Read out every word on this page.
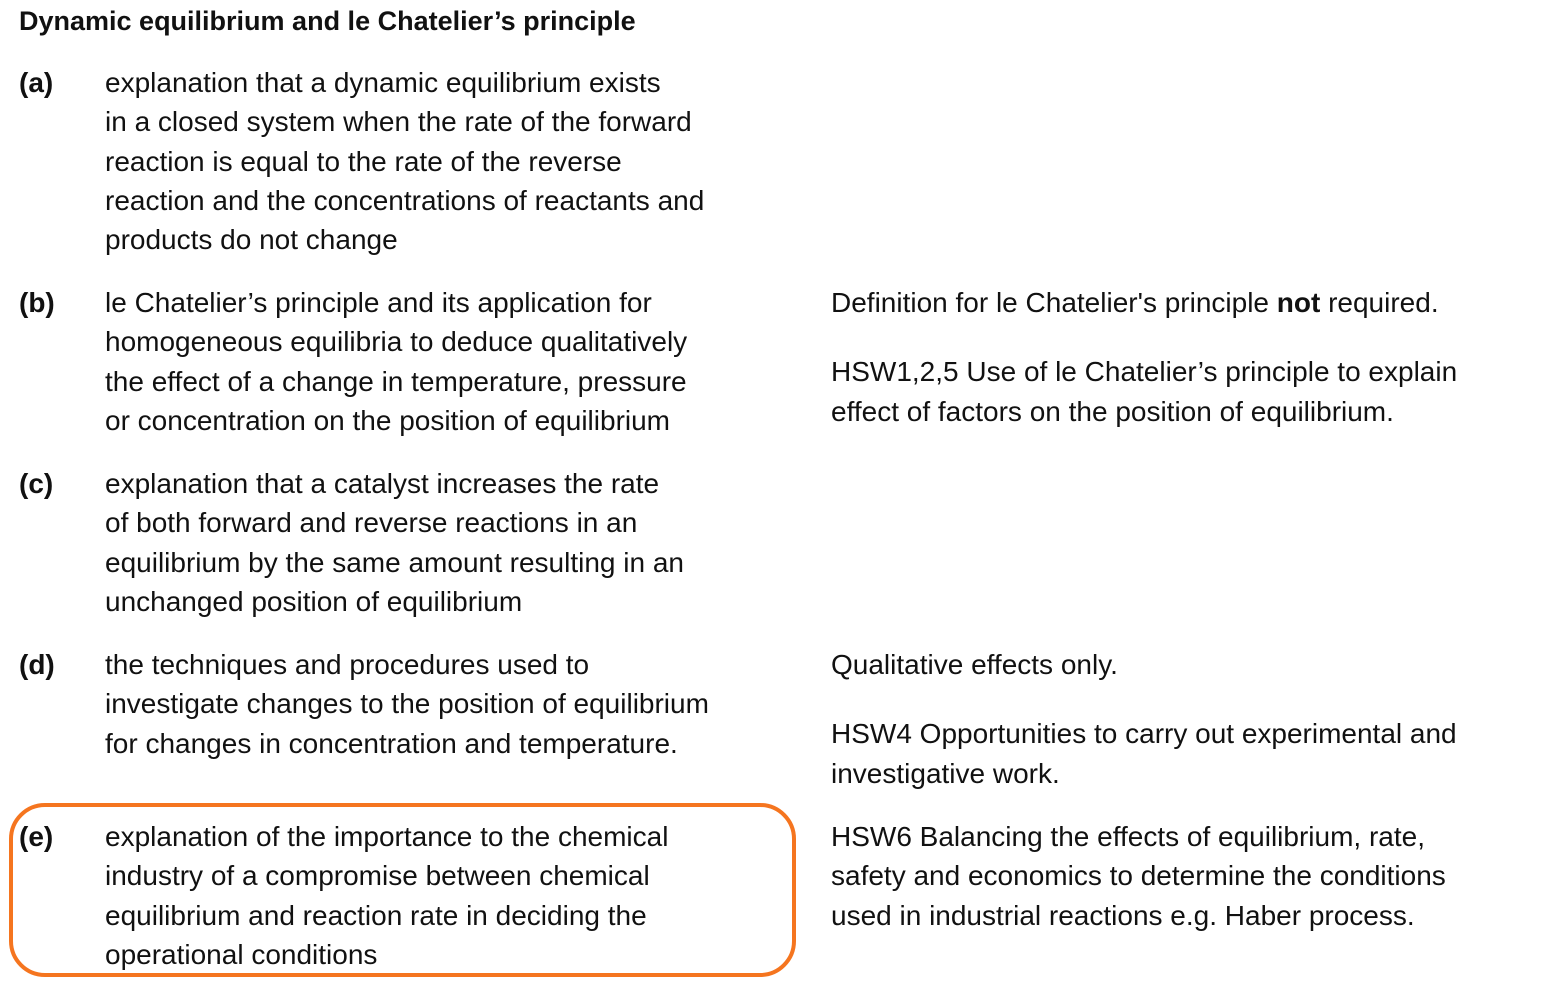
Dynamic equilibrium and le Chatelier’s principle
(a) explanation that a dynamic equilibrium exists
in a closed system when the rate of the forward
reaction is equal to the rate of the reverse
reaction and the concentrations of reactants and
products do not change
(b) le Chatelier’s principle and its application for
homogeneous equilibria to deduce qualitatively
the effect of a change in temperature, pressure
or concentration on the position of equilibrium
Definition for le Chatelier's principle not required.
HSW1,2,5 Use of le Chatelier’s principle to explain
effect of factors on the position of equilibrium.
(c) explanation that a catalyst increases the rate
of both forward and reverse reactions in an
equilibrium by the same amount resulting in an
unchanged position of equilibrium
(d) the techniques and procedures used to
investigate changes to the position of equilibrium
for changes in concentration and temperature.
Qualitative effects only.
HSW4 Opportunities to carry out experimental and
investigative work.
(e) explanation of the importance to the chemical
industry of a compromise between chemical
equilibrium and reaction rate in deciding the
operational conditions
HSW6 Balancing the effects of equilibrium, rate,
safety and economics to determine the conditions
used in industrial reactions e.g. Haber process.
